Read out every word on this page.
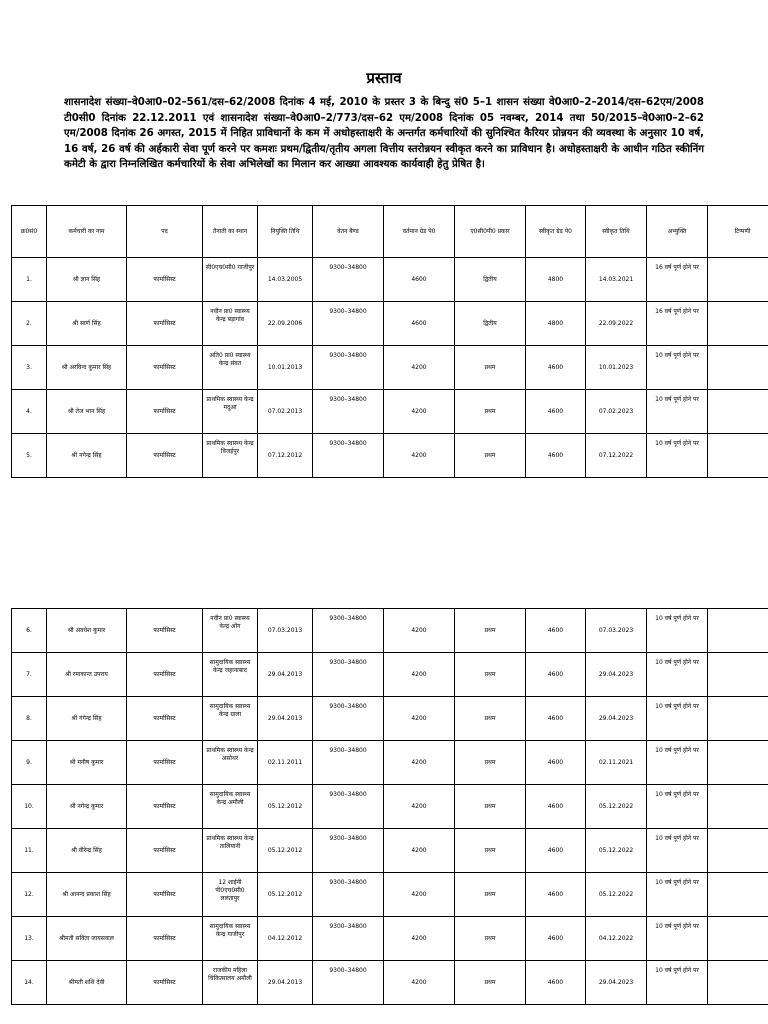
प्रस्ताव
शासनादेश संख्या–वे0आ0–02–561/दस–62/2008 दिनांक 4 मई, 2010 के प्रस्तर 3 के बिन्दु सं0 5–1 शासन संख्या वे0आ0–2–2014/दस–62एम/2008 टी0सी0 दिनांक 22.12.2011 एवं शासनादेश संख्या–वे0आ0–2/773/दस–62 एम/2008 दिनांक 05 नवम्बर, 2014 तथा 50/2015–वे0आ0–2–62 एम/2008 दिनांक 26 अगस्त, 2015 में निहित प्राविधानों के कम में अधोहस्ताक्षरी के अन्तर्गत कर्मचारियों की सुनिश्चित कैरियर प्रोन्नयन की व्यवस्था के अनुसार 10 वर्ष, 16 वर्ष, 26 वर्ष की अर्हकारी सेवा पूर्ण करने पर कमशः प्रथम/द्वितीय/तृतीय अगला वित्तीय स्तरोन्नयन स्वीकृत करने का प्राविधान है। अधोहस्ताक्षरी के आधीन गठित स्कीनिंग कमेटी के द्वारा निम्नलिखित कर्मचारियों के सेवा अभिलेखों का मिलान कर आख्या आवश्यक कार्यवाही हेतु प्रेषित है।
क्र0सं0	कर्मचारी का नाम	पद	तैनाती का स्थान	नियुक्ति तिथि	वेतन बैण्ड	वर्तमान ग्रेड पे0	ए0सी0पी0 प्रकार	स्वीकृत ग्रेड पे0	स्वीकृत तिथि	अभ्युक्ति	टिप्पणी
1.	श्री ज्ञान सिंह	फार्मासिस्ट	सी0एच0सी0 गाजीपुर	14.03.2005	9300–34800	4600	द्वितीय	4800	14.03.2021	16 वर्ष पूर्ण होने पर	
2.	श्री स्वर्ण सिंह	फार्मासिस्ट	नवीन प्रा0 स्वास्थ्य केन्द्र बड़ागांव	22.09.2006	9300–34800	4600	द्वितीय	4800	22.09.2022	16 वर्ष पूर्ण होने पर	
3.	श्री अरविन्द कुमार सिंह	फार्मासिस्ट	अति0 प्रा0 स्वास्थ्य केन्द्र संवत	10.01.2013	9300–34800	4200	प्रथम	4600	10.01.2023	10 वर्ष पूर्ण होने पर	
4.	श्री तेज भान सिंह	फार्मासिस्ट	प्राथमिक स्वास्थ्य केन्द्र मदुआ	07.02.2013	9300–34800	4200	प्रथम	4600	07.02.2023	10 वर्ष पूर्ण होने पर	
5.	श्री नगेन्द्र सिंह	फार्मासिस्ट	प्राथमिक स्वास्थ्य केन्द्र विजईपुर	07.12.2012	9300–34800	4200	प्रथम	4600	07.12.2022	10 वर्ष पूर्ण होने पर	
6.	श्री अवधेश कुमार	फार्मासिस्ट	नवीन प्रा0 स्वास्थ्य केन्द्र ओंग	07.03.2013	9300–34800	4200	प्रथम	4600	07.03.2023	10 वर्ष पूर्ण होने पर	
7.	श्री रमाकान्त उपराय	फार्मासिस्ट	सामुदायिक स्वास्थ्य केन्द्र जहानाबाद	29.04.2013	9300–34800	4200	प्रथम	4600	29.04.2023	10 वर्ष पूर्ण होने पर	
8.	श्री गंगेन्द्र सिंह	फार्मासिस्ट	सामुदायिक स्वास्थ्य केन्द्र ग्राला	29.04.2013	9300–34800	4200	प्रथम	4600	29.04.2023	10 वर्ष पूर्ण होने पर	
9.	श्री मनीष कुमार	फार्मासिस्ट	प्राथमिक स्वास्थ्य केन्द्र असोथर	02.11.2011	9300–34800	4200	प्रथम	4600	02.11.2021	10 वर्ष पूर्ण होने पर	
10.	श्री नगेन्द्र कुमार	फार्मासिस्ट	सामुदायिक स्वास्थ्य केन्द्र अमौली	05.12.2012	9300–34800	4200	प्रथम	4600	05.12.2022	10 वर्ष पूर्ण होने पर	
11.	श्री वीरेन्द्र सिंह	फार्मासिस्ट	प्राथमिक स्वास्थ्य केन्द्र तालियानी	05.12.2012	9300–34800	4200	प्रथम	4600	05.12.2022	10 वर्ष पूर्ण होने पर	
12.	श्री आनन्द प्रकाश सिंह	फार्मासिस्ट	12 शाईनी पी0एच0सी0 ललतापुर	05.12.2012	9300–34800	4200	प्रथम	4600	05.12.2022	10 वर्ष पूर्ण होने पर	
13.	श्रीमती सविता जायसवाल	फार्मासिस्ट	सामुदायिक स्वास्थ्य केन्द्र गाजीपुर	04.12.2012	9300–34800	4200	प्रथम	4600	04.12.2022	10 वर्ष पूर्ण होने पर	
14.	श्रीमती शशि देवी	फार्मासिस्ट	राजकीय महिला चिकित्सालय अमौली	29.04.2013	9300–34800	4200	प्रथम	4600	29.04.2023	10 वर्ष पूर्ण होने पर	
